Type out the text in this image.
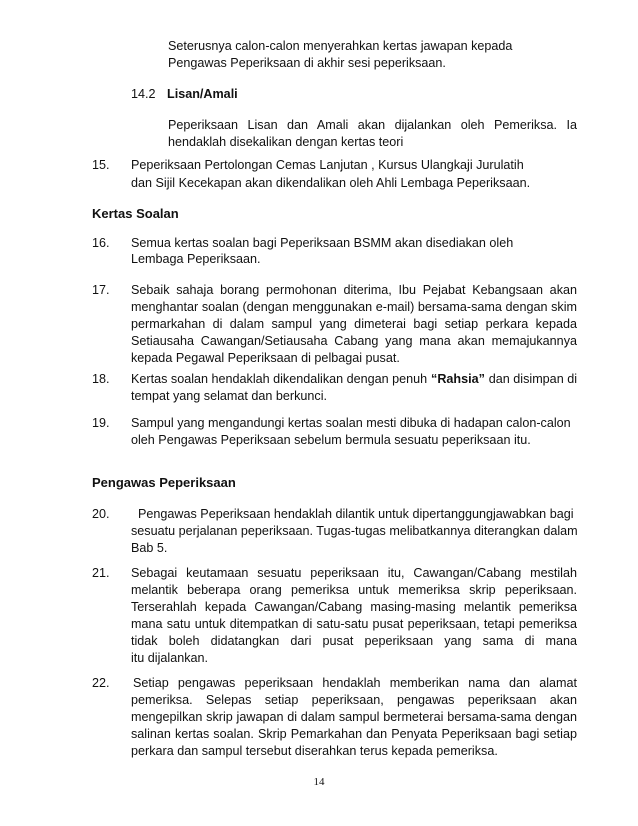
Seterusnya calon-calon menyerahkan kertas jawapan kepada
Pengawas Peperiksaan di akhir sesi peperiksaan.
14.2 Lisan/Amali
Peperiksaan Lisan dan Amali akan dijalankan oleh Pemeriksa. Ia
hendaklah disekalikan dengan kertas teori
15. Peperiksaan Pertolongan Cemas Lanjutan , Kursus Ulangkaji Jurulatih
dan Sijil Kecekapan akan dikendalikan oleh Ahli Lembaga Peperiksaan.
Kertas Soalan
16. Semua kertas soalan bagi Peperiksaan BSMM akan disediakan oleh
Lembaga Peperiksaan.
17. Sebaik sahaja borang permohonan diterima, Ibu Pejabat Kebangsaan akan
menghantar soalan (dengan menggunakan e-mail) bersama-sama dengan skim
permarkahan di dalam sampul yang dimeterai bagi setiap perkara kepada
Setiausaha Cawangan/Setiausaha Cabang yang mana akan memajukannya
kepada Pegawal Peperiksaan di pelbagai pusat.
18. Kertas soalan hendaklah dikendalikan dengan penuh “Rahsia” dan disimpan di
tempat yang selamat dan berkunci.
19. Sampul yang mengandungi kertas soalan mesti dibuka di hadapan calon-calon
oleh Pengawas Peperiksaan sebelum bermula sesuatu peperiksaan itu.
Pengawas Peperiksaan
20. Pengawas Peperiksaan hendaklah dilantik untuk dipertanggungjawabkan bagi
sesuatu perjalanan peperiksaan. Tugas-tugas melibatkannya diterangkan dalam
Bab 5.
21. Sebagai keutamaan sesuatu peperiksaan itu, Cawangan/Cabang mestilah
melantik beberapa orang pemeriksa untuk memeriksa skrip peperiksaan.
Terserahlah kepada Cawangan/Cabang masing-masing melantik pemeriksa
mana satu untuk ditempatkan di satu-satu pusat peperiksaan, tetapi pemeriksa
tidak boleh didatangkan dari pusat peperiksaan yang sama di mana
itu dijalankan.
22. Setiap pengawas peperiksaan hendaklah memberikan nama dan alamat
pemeriksa. Selepas setiap peperiksaan, pengawas peperiksaan akan
mengepilkan skrip jawapan di dalam sampul bermeterai bersama-sama dengan
salinan kertas soalan. Skrip Pemarkahan dan Penyata Peperiksaan bagi setiap
perkara dan sampul tersebut diserahkan terus kepada pemeriksa.
14
